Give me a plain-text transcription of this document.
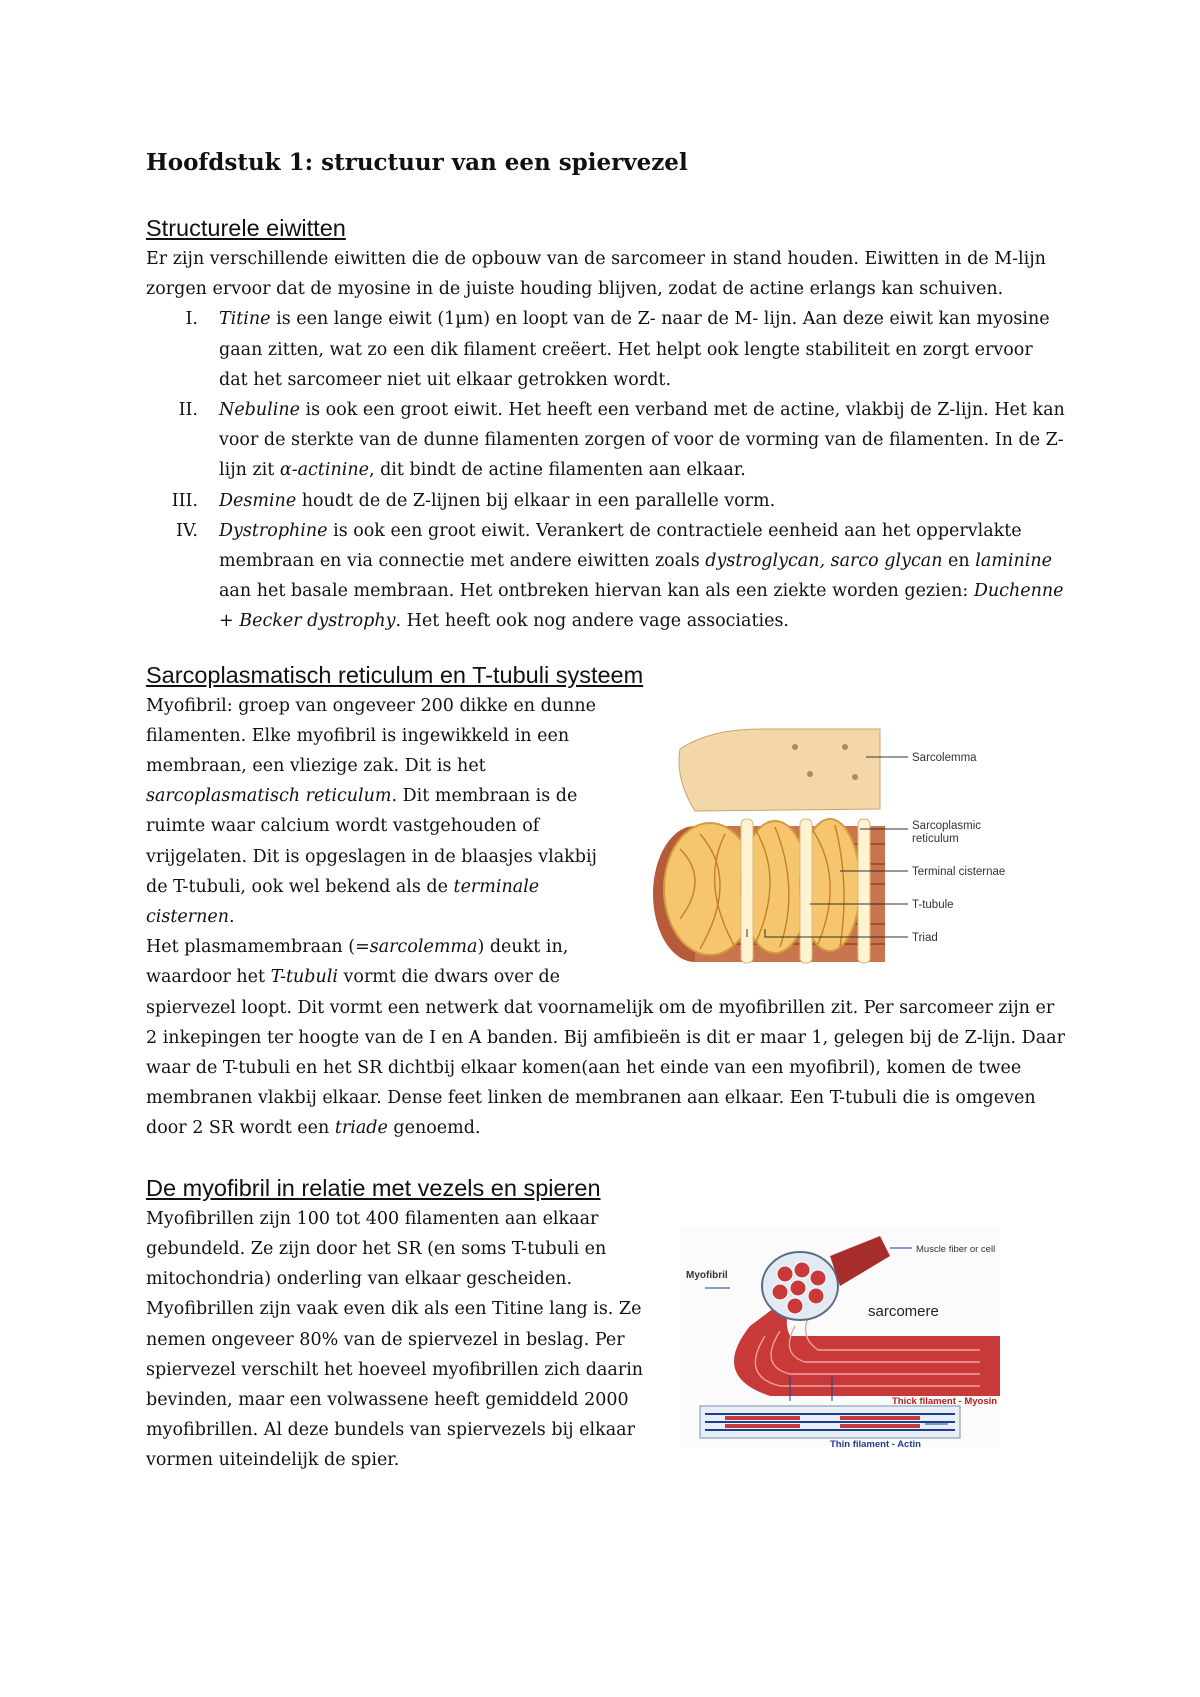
Hoofdstuk 1: structuur van een spiervezel
Structurele eiwitten

Er zijn verschillende eiwitten die de opbouw van de sarcomeer in stand houden. Eiwitten in de M-lijn zorgen ervoor dat de myosine in de juiste houding blijven, zodat de actine erlangs kan schuiven.

I. Titine is een lange eiwit (1µm) en loopt van de Z- naar de M- lijn. Aan deze eiwit kan myosine gaan zitten, wat zo een dik filament creëert. Het helpt ook lengte stabiliteit en zorgt ervoor dat het sarcomeer niet uit elkaar getrokken wordt.
II. Nebuline is ook een groot eiwit. Het heeft een verband met de actine, vlakbij de Z-lijn. Het kan voor de sterkte van de dunne filamenten zorgen of voor de vorming van de filamenten. In de Z-lijn zit α-actinine, dit bindt de actine filamenten aan elkaar.
III. Desmine houdt de de Z-lijnen bij elkaar in een parallelle vorm.
IV. Dystrophine is ook een groot eiwit. Verankert de contractiele eenheid aan het oppervlakte membraan en via connectie met andere eiwitten zoals dystroglycan, sarco glycan en laminine aan het basale membraan. Het ontbreken hiervan kan als een ziekte worden gezien: Duchenne + Becker dystrophy. Het heeft ook nog andere vage associaties.
Sarcoplasmatisch reticulum en T-tubuli systeem
Sarcolemma
Sarcoplasmic
reticulum
Terminal cisternae
T-tubule
Triad

Myofibril: groep van ongeveer 200 dikke en dunne filamenten. Elke myofibril is ingewikkeld in een membraan, een vliezige zak. Dit is het sarcoplasmatisch reticulum. Dit membraan is de ruimte waar calcium wordt vastgehouden of vrijgelaten. Dit is opgeslagen in de blaasjes vlakbij de T-tubuli, ook wel bekend als de terminale cisternen.
Het plasmamembraan (=sarcolemma) deukt in, waardoor het T-tubuli vormt die dwars over de spiervezel loopt. Dit vormt een netwerk dat voornamelijk om de myofibrillen zit. Per sarcomeer zijn er 2 inkepingen ter hoogte van de I en A banden. Bij amfibieën is dit er maar 1, gelegen bij de Z-lijn. Daar waar de T-tubuli en het SR dichtbij elkaar komen(aan het einde van een myofibril), komen de twee membranen vlakbij elkaar. Dense feet linken de membranen aan elkaar. Een T-tubuli die is omgeven door 2 SR wordt een triade genoemd.

De myofibril in relatie met vezels en spieren
Myofibril
Muscle fiber or cell
sarcomere
Thick filament - Myosin
Thin filament - Actin

Myofibrillen zijn 100 tot 400 filamenten aan elkaar gebundeld. Ze zijn door het SR (en soms T-tubuli en mitochondria) onderling van elkaar gescheiden. Myofibrillen zijn vaak even dik als een Titine lang is. Ze nemen ongeveer 80% van de spiervezel in beslag. Per spiervezel verschilt het hoeveel myofibrillen zich daarin bevinden, maar een volwassene heeft gemiddeld 2000 myofibrillen. Al deze bundels van spiervezels bij elkaar vormen uiteindelijk de spier.
